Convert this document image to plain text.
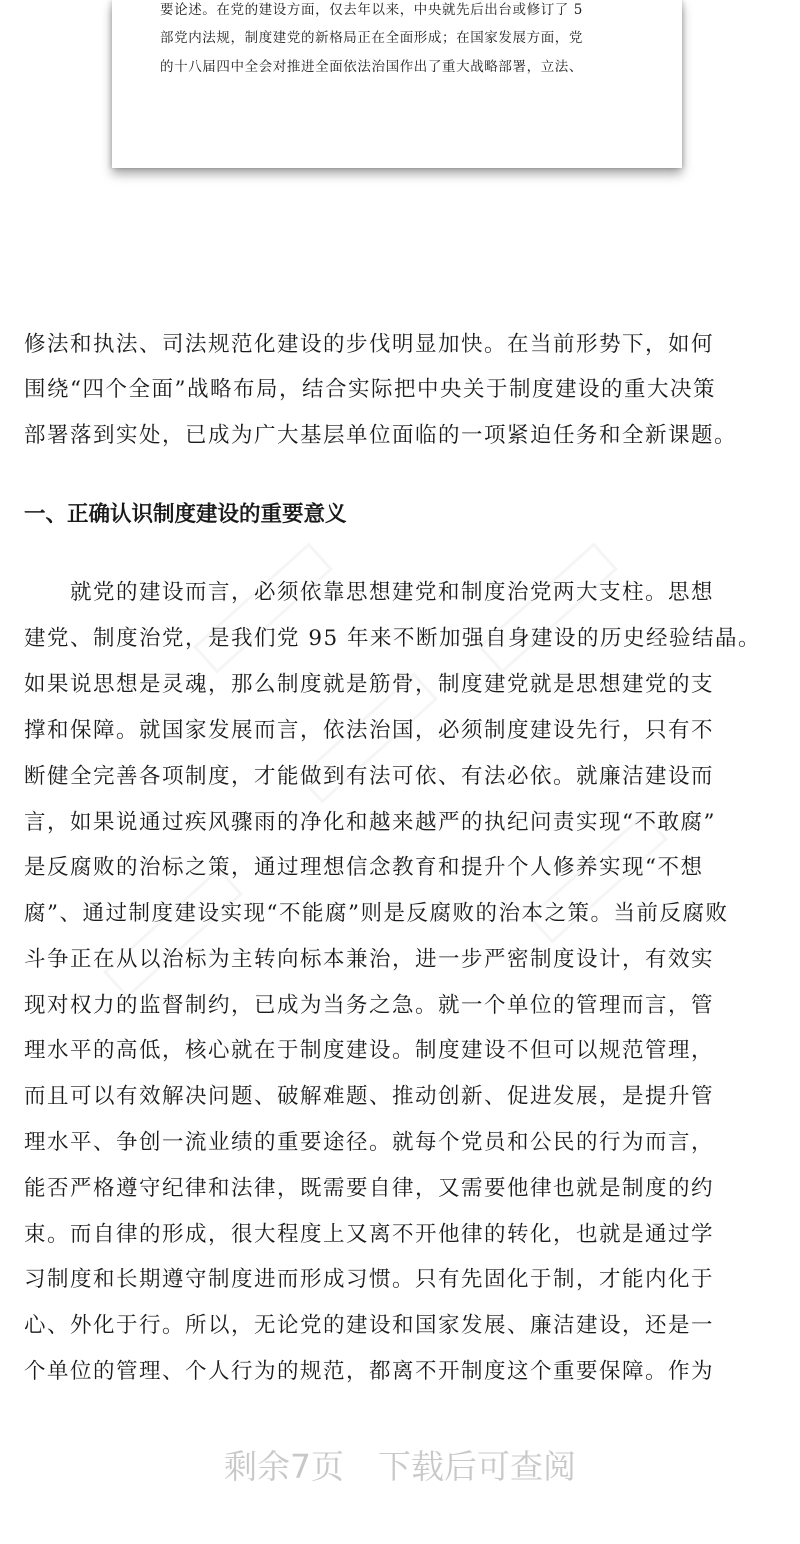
要论述。在党的建设方面，仅去年以来，中央就先后出台或修订了 5
部党内法规，制度建党的新格局正在全面形成；在国家发展方面，党
的十八届四中全会对推进全面依法治国作出了重大战略部署，立法、
修法和执法、司法规范化建设的步伐明显加快。在当前形势下，如何
围绕“四个全面”战略布局，结合实际把中央关于制度建设的重大决策
部署落到实处，已成为广大基层单位面临的一项紧迫任务和全新课题。
一、正确认识制度建设的重要意义
　　就党的建设而言，必须依靠思想建党和制度治党两大支柱。思想
建党、制度治党，是我们党 95 年来不断加强自身建设的历史经验结晶。
如果说思想是灵魂，那么制度就是筋骨，制度建党就是思想建党的支
撑和保障。就国家发展而言，依法治国，必须制度建设先行，只有不
断健全完善各项制度，才能做到有法可依、有法必依。就廉洁建设而
言，如果说通过疾风骤雨的净化和越来越严的执纪问责实现“不敢腐”
是反腐败的治标之策，通过理想信念教育和提升个人修养实现“不想
腐”、通过制度建设实现“不能腐”则是反腐败的治本之策。当前反腐败
斗争正在从以治标为主转向标本兼治，进一步严密制度设计，有效实
现对权力的监督制约，已成为当务之急。就一个单位的管理而言，管
理水平的高低，核心就在于制度建设。制度建设不但可以规范管理，
而且可以有效解决问题、破解难题、推动创新、促进发展，是提升管
理水平、争创一流业绩的重要途径。就每个党员和公民的行为而言，
能否严格遵守纪律和法律，既需要自律，又需要他律也就是制度的约
束。而自律的形成，很大程度上又离不开他律的转化，也就是通过学
习制度和长期遵守制度进而形成习惯。只有先固化于制，才能内化于
心、外化于行。所以，无论党的建设和国家发展、廉洁建设，还是一
个单位的管理、个人行为的规范，都离不开制度这个重要保障。作为
剩余7页 下载后可查阅
